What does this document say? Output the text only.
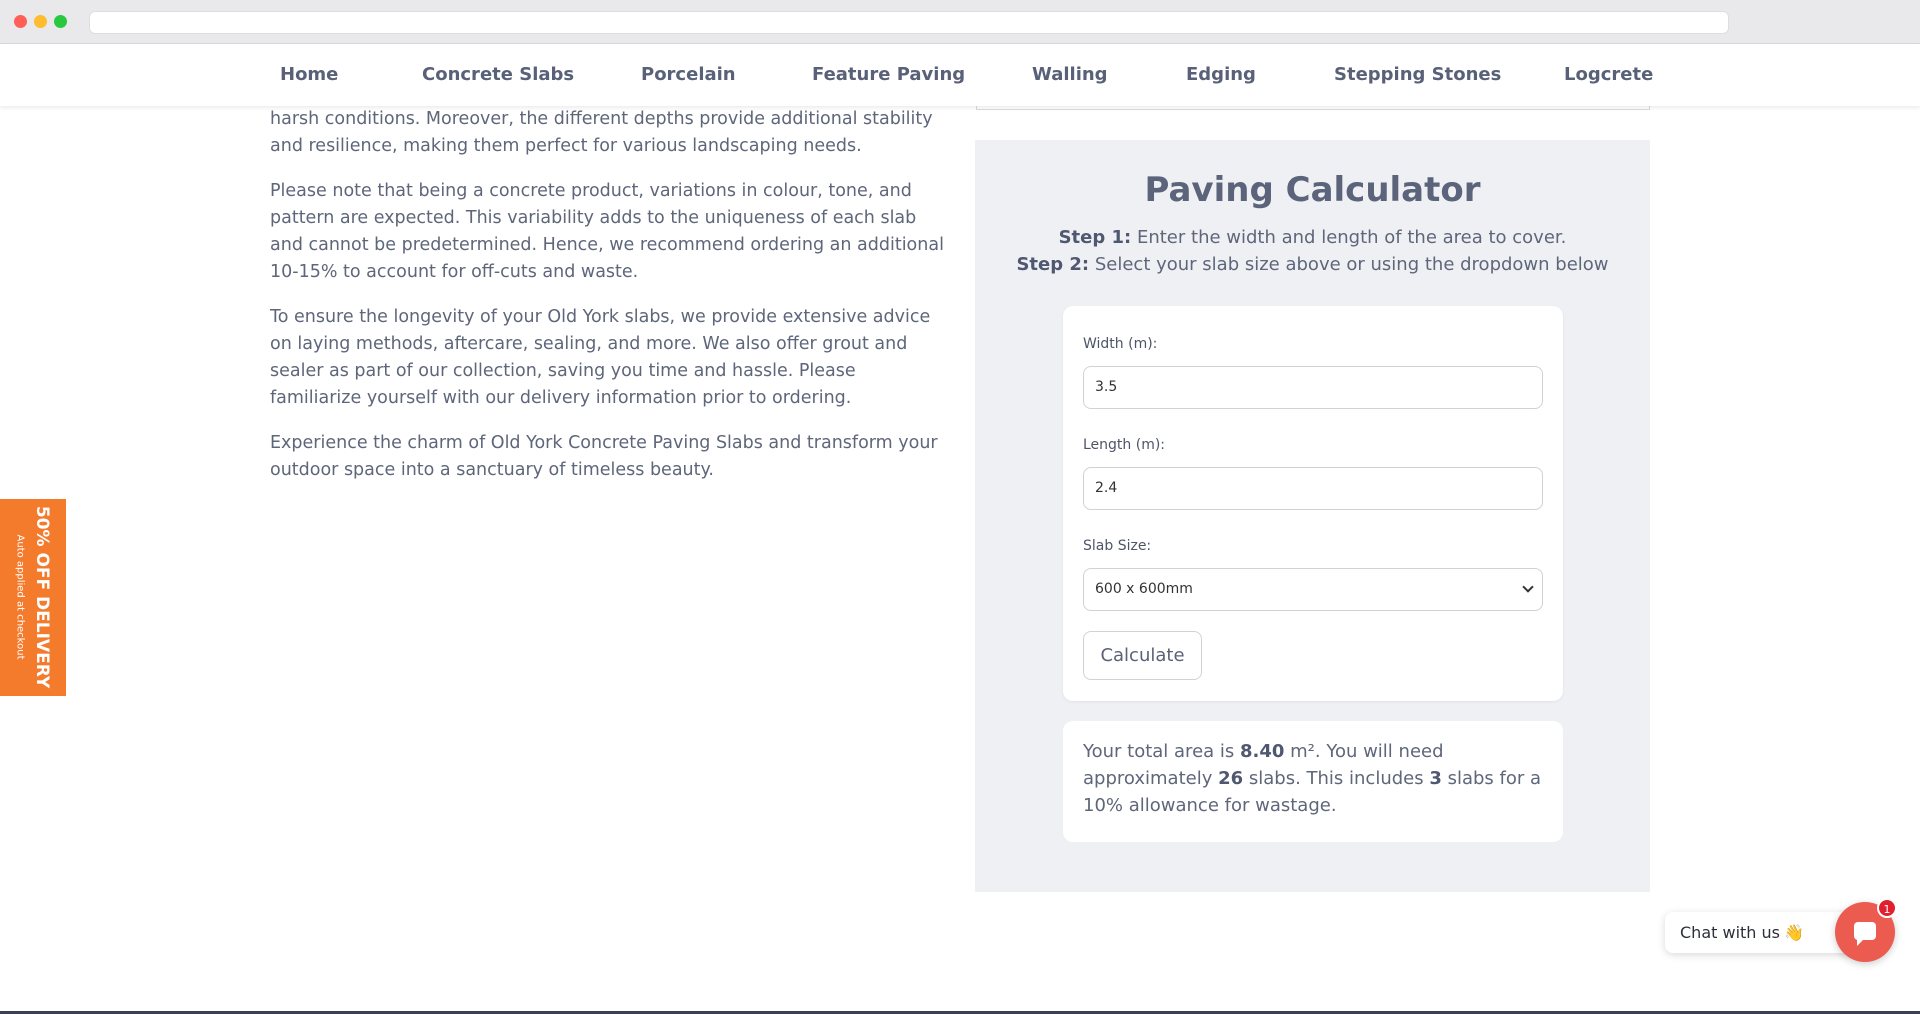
Home	Concrete Slabs	Porcelain	Feature Paving	Walling	Edging	Stepping Stones	Logcrete

harsh conditions. Moreover, the different depths provide additional stability and resilience, making them perfect for various landscaping needs.

Please note that being a concrete product, variations in colour, tone, and pattern are expected. This variability adds to the uniqueness of each slab and cannot be predetermined. Hence, we recommend ordering an additional 10-15% to account for off-cuts and waste.

To ensure the longevity of your Old York slabs, we provide extensive advice on laying methods, aftercare, sealing, and more. We also offer grout and sealer as part of our collection, saving you time and hassle. Please familiarize yourself with our delivery information prior to ordering.

Experience the charm of Old York Concrete Paving Slabs and transform your outdoor space into a sanctuary of timeless beauty.

Paving Calculator
Step 1: Enter the width and length of the area to cover.
Step 2: Select your slab size above or using the dropdown below
Width (m):
3.5
Length (m):
2.4
Slab Size:
600 x 600mm
Calculate
Your total area is 8.40 m². You will need approximately 26 slabs. This includes 3 slabs for a 10% allowance for wastage.
50% OFF DELIVERY
Auto applied at checkout
Chat with us 👋
1
